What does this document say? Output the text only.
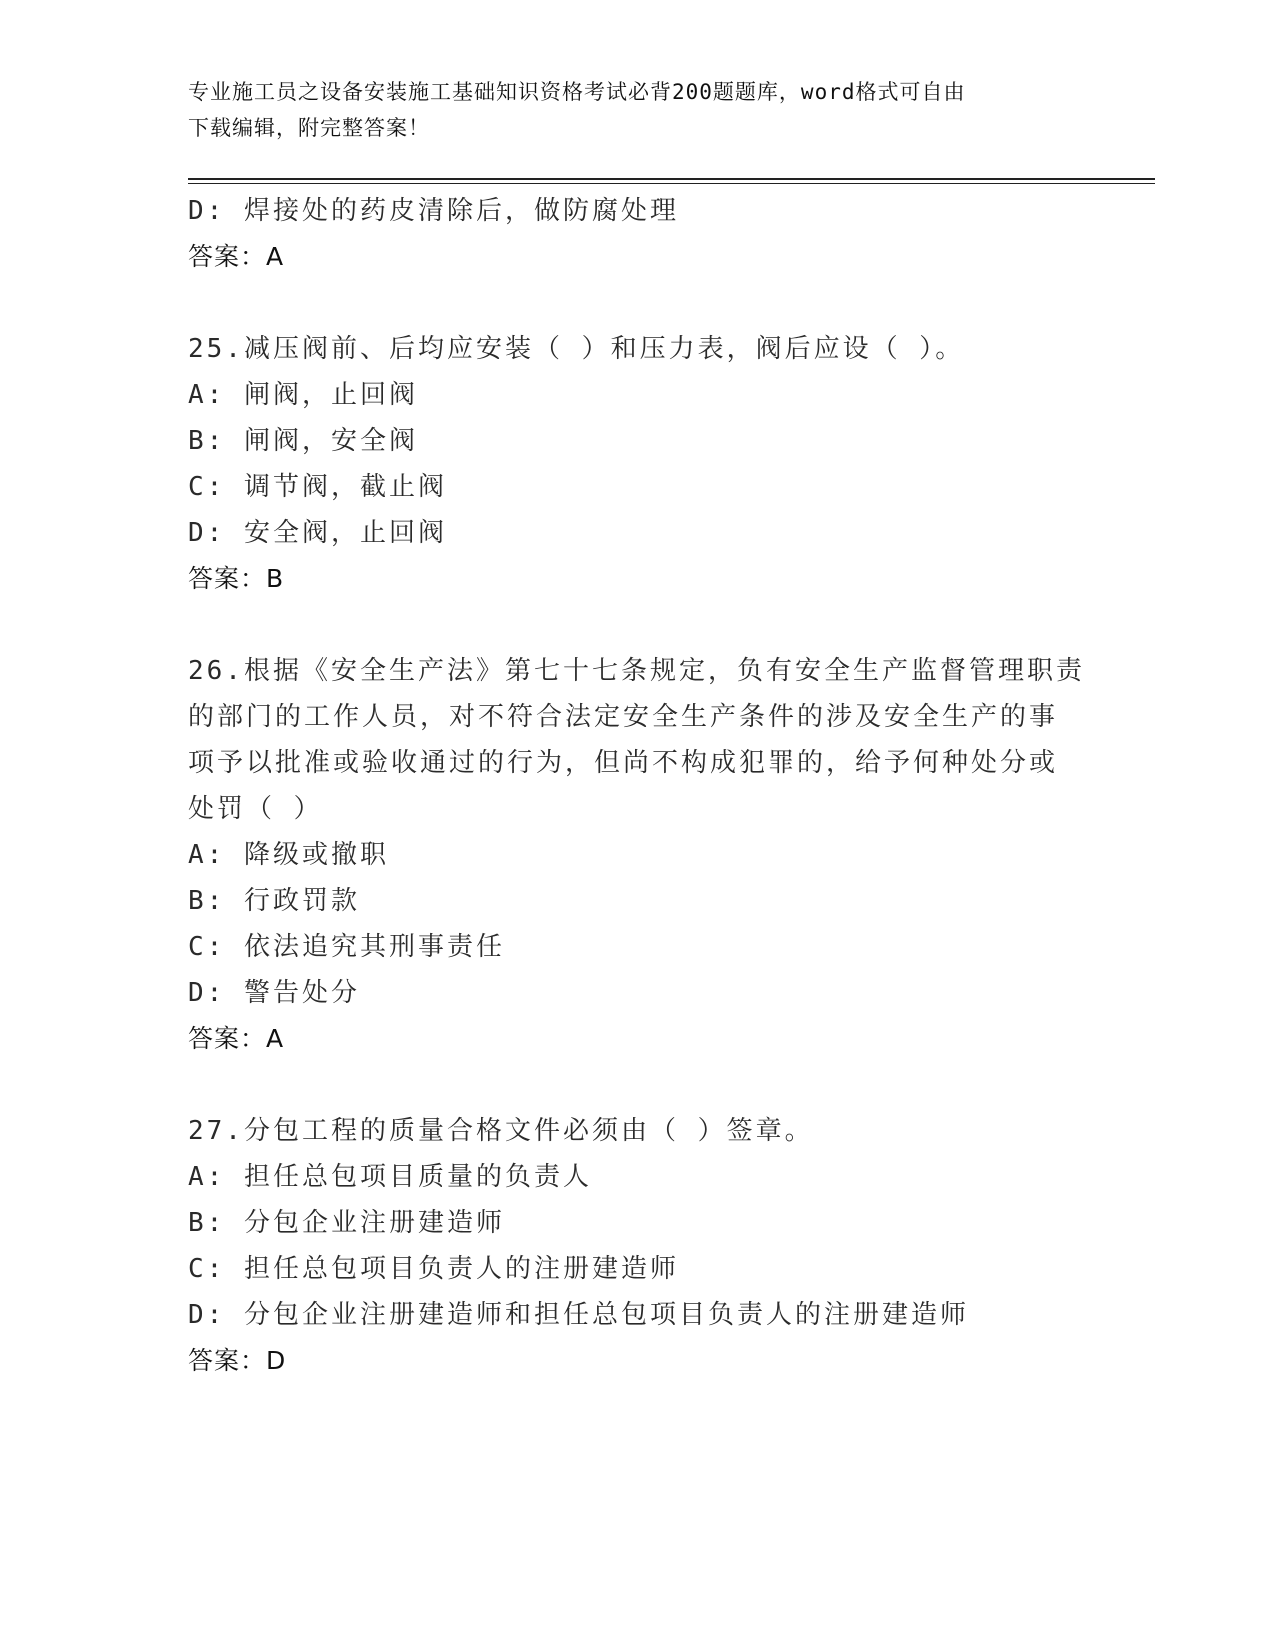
专业施工员之设备安装施工基础知识资格考试必背200题题库，word格式可自由
下载编辑，附完整答案！
D: 焊接处的药皮清除后，做防腐处理
答案：A
25.减压阀前、后均应安装（ ）和压力表，阀后应设（ ）。
A: 闸阀，止回阀
B: 闸阀，安全阀
C: 调节阀，截止阀
D: 安全阀，止回阀
答案：B
26.根据《安全生产法》第七十七条规定，负有安全生产监督管理职责
的部门的工作人员，对不符合法定安全生产条件的涉及安全生产的事
项予以批准或验收通过的行为，但尚不构成犯罪的，给予何种处分或
处罚（ ）
A: 降级或撤职
B: 行政罚款
C: 依法追究其刑事责任
D: 警告处分
答案：A
27.分包工程的质量合格文件必须由（ ）签章。
A: 担任总包项目质量的负责人
B: 分包企业注册建造师
C: 担任总包项目负责人的注册建造师
D: 分包企业注册建造师和担任总包项目负责人的注册建造师
答案：D
